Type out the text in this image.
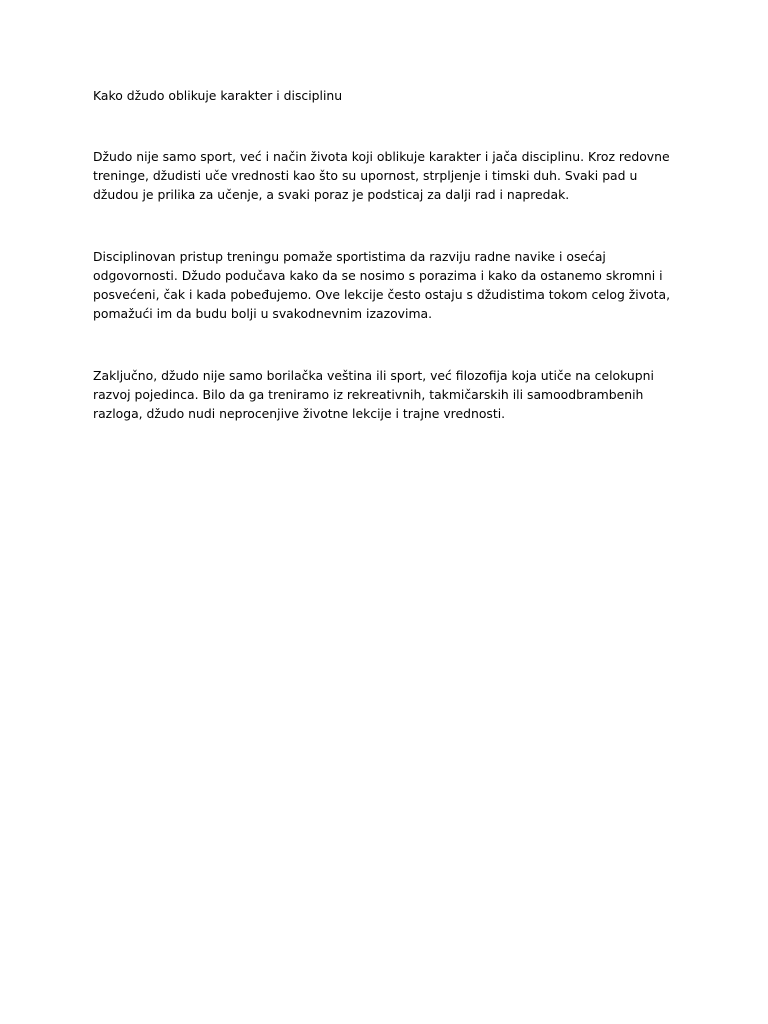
Kako džudo oblikuje karakter i disciplinu

Džudo nije samo sport, već i način života koji oblikuje karakter i jača disciplinu. Kroz redovne treninge, džudisti uče vrednosti kao što su upornost, strpljenje i timski duh. Svaki pad u džudou je prilika za učenje, a svaki poraz je podsticaj za dalji rad i napredak.

Disciplinovan pristup treningu pomaže sportistima da razviju radne navike i osećaj odgovornosti. Džudo podučava kako da se nosimo s porazima i kako da ostanemo skromni i posvećeni, čak i kada pobeđujemo. Ove lekcije često ostaju s džudistima tokom celog života, pomažući im da budu bolji u svakodnevnim izazovima.

Zaključno, džudo nije samo borilačka veština ili sport, već filozofija koja utiče na celokupni razvoj pojedinca. Bilo da ga treniramo iz rekreativnih, takmičarskih ili samoodbrambenih razloga, džudo nudi neprocenjive životne lekcije i trajne vrednosti.
